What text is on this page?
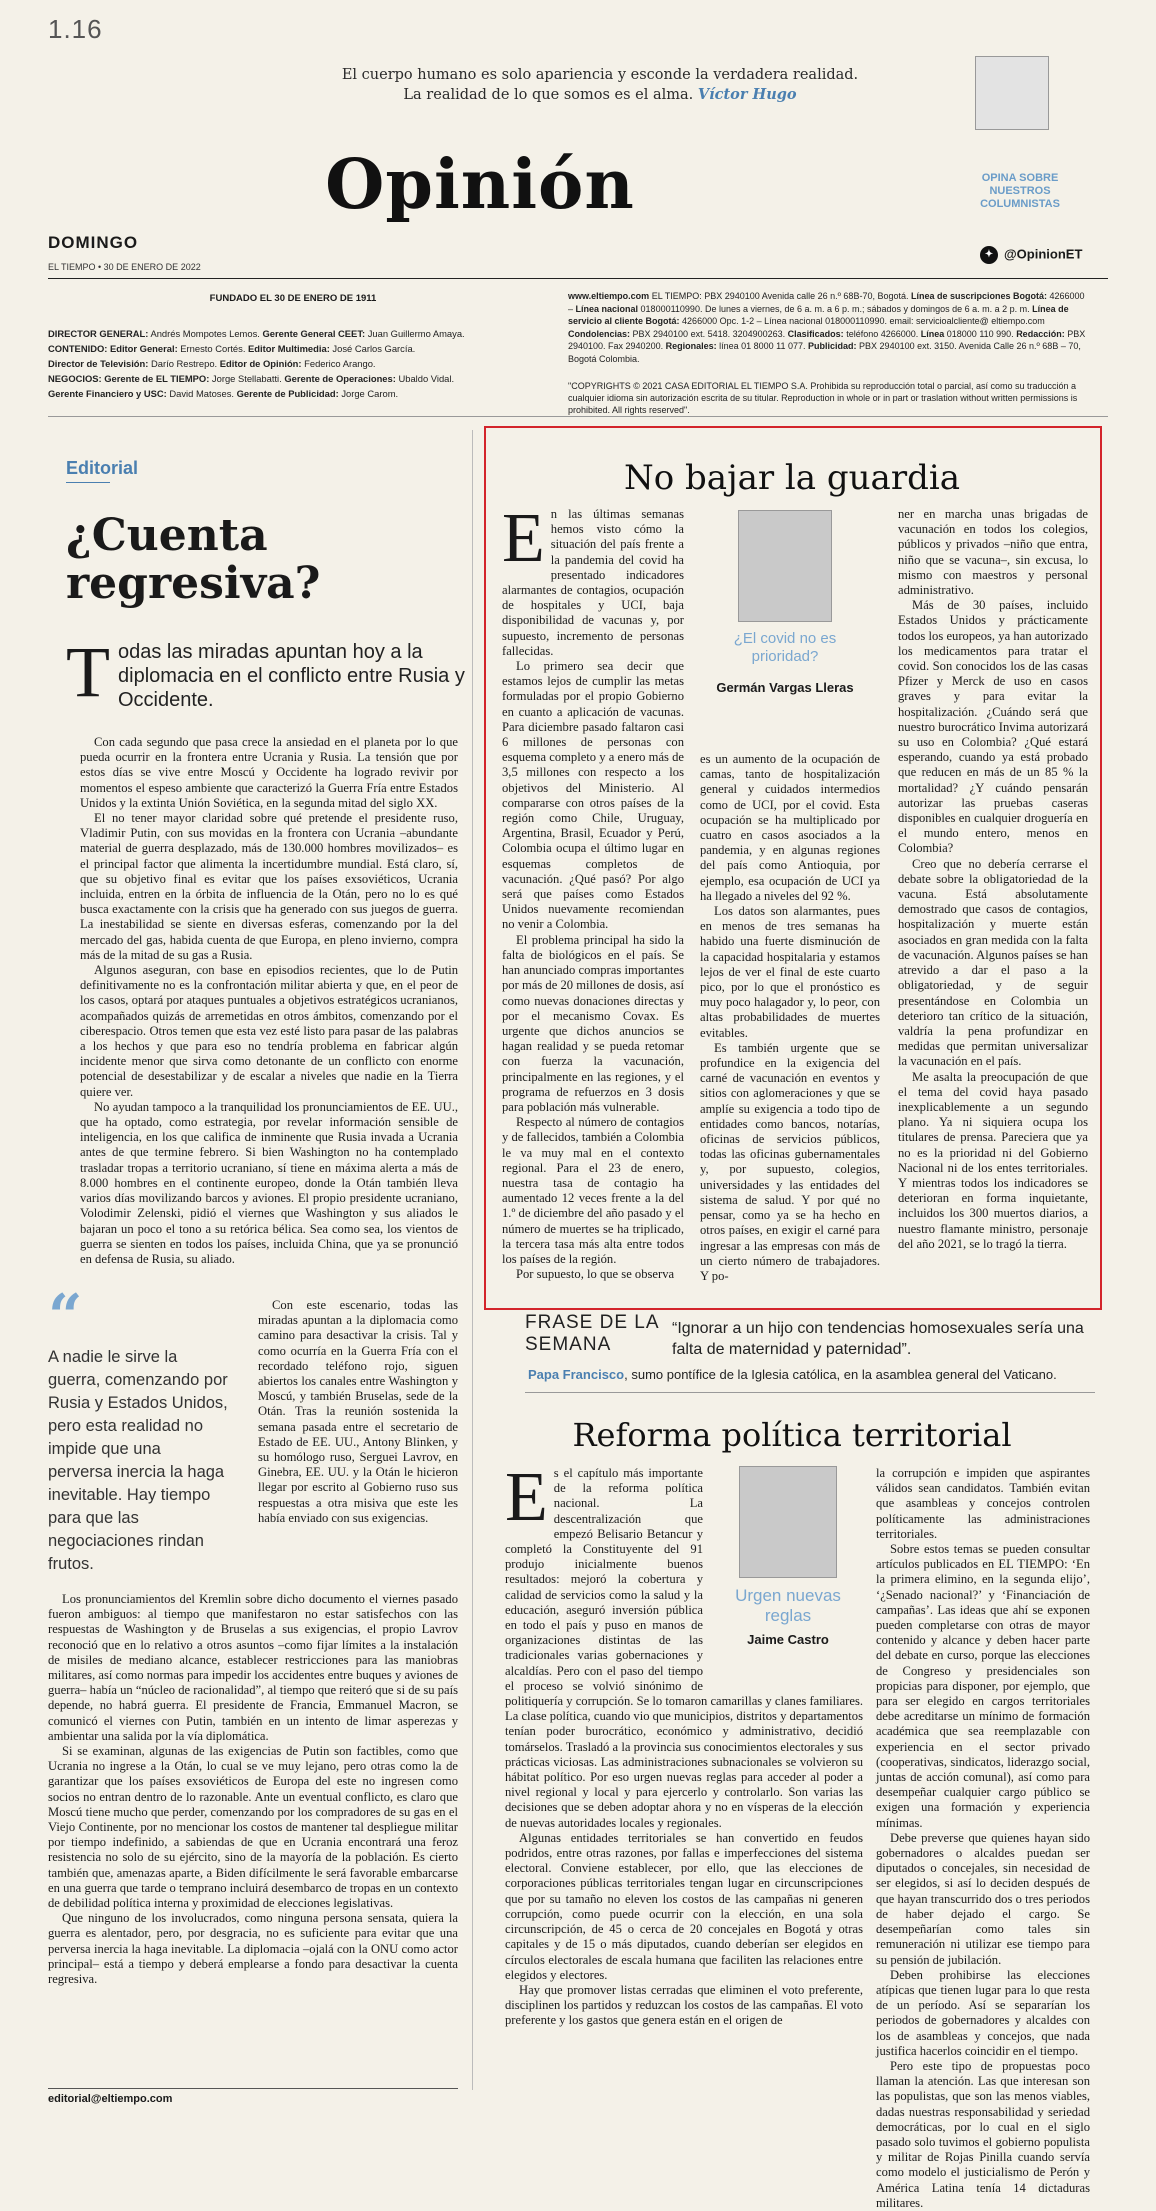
1.16
El cuerpo humano es solo apariencia y esconde la verdadera realidad. La realidad de lo que somos es el alma. Víctor Hugo
OPINA SOBRE NUESTROS COLUMNISTAS
Opinión
DOMINGO
EL TIEMPO • 30 DE ENERO DE 2022
✦ @OpinionET
FUNDADO EL 30 DE ENERO DE 1911
DIRECTOR GENERAL: Andrés Mompotes Lemos. Gerente General CEET: Juan Guillermo Amaya.
CONTENIDO: Editor General: Ernesto Cortés. Editor Multimedia: José Carlos García.
Director de Televisión: Darío Restrepo. Editor de Opinión: Federico Arango.
NEGOCIOS: Gerente de EL TIEMPO: Jorge Stellabatti. Gerente de Operaciones: Ubaldo Vidal.
Gerente Financiero y USC: David Matoses. Gerente de Publicidad: Jorge Carom.
www.eltiempo.com EL TIEMPO: PBX 2940100 Avenida calle 26 n.º 68B-70, Bogotá. Línea de suscripciones Bogotá: 4266000 – Línea nacional 018000110990. De lunes a viernes, de 6 a. m. a 6 p. m.; sábados y domingos de 6 a. m. a 2 p. m. Línea de servicio al cliente Bogotá: 4266000 Opc. 1-2 – Línea nacional 018000110990. email: servicioalcliente@ eltiempo.com Condolencias: PBX 2940100 ext. 5418. 3204900263. Clasificados: teléfono 4266000. Línea 018000 110 990. Redacción: PBX 2940100. Fax 2940200. Regionales: línea 01 8000 11 077. Publicidad: PBX 2940100 ext. 3150. Avenida Calle 26 n.º 68B – 70, Bogotá Colombia.
"COPYRIGHTS © 2021 CASA EDITORIAL EL TIEMPO S.A. Prohibida su reproducción total o parcial, así como su traducción a cualquier idioma sin autorización escrita de su titular. Reproduction in whole or in part or traslation without written permissions is prohibited. All rights reserved".
Editorial
¿Cuenta regresiva?
T odas las miradas apuntan hoy a la diplomacia en el conflicto entre Rusia y Occidente.

Con cada segundo que pasa crece la ansiedad en el planeta por lo que pueda ocurrir en la frontera entre Ucrania y Rusia. La tensión que por estos días se vive entre Moscú y Occidente ha logrado revivir por momentos el espeso ambiente que caracterizó la Guerra Fría entre Estados Unidos y la extinta Unión Soviética, en la segunda mitad del siglo XX.

El no tener mayor claridad sobre qué pretende el presidente ruso, Vladimir Putin, con sus movidas en la frontera con Ucrania –abundante material de guerra desplazado, más de 130.000 hombres movilizados– es el principal factor que alimenta la incertidumbre mundial. Está claro, sí, que su objetivo final es evitar que los países exsoviéticos, Ucrania incluida, entren en la órbita de influencia de la Otán, pero no lo es qué busca exactamente con la crisis que ha generado con sus juegos de guerra. La inestabilidad se siente en diversas esferas, comenzando por la del mercado del gas, habida cuenta de que Europa, en pleno invierno, compra más de la mitad de su gas a Rusia.

Algunos aseguran, con base en episodios recientes, que lo de Putin definitivamente no es la confrontación militar abierta y que, en el peor de los casos, optará por ataques puntuales a objetivos estratégicos ucranianos, acompañados quizás de arremetidas en otros ámbitos, comenzando por el ciberespacio. Otros temen que esta vez esté listo para pasar de las palabras a los hechos y que para eso no tendría problema en fabricar algún incidente menor que sirva como detonante de un conflicto con enorme potencial de desestabilizar y de escalar a niveles que nadie en la Tierra quiere ver.

No ayudan tampoco a la tranquilidad los pronunciamientos de EE. UU., que ha optado, como estrategia, por revelar información sensible de inteligencia, en los que califica de inminente que Rusia invada a Ucrania antes de que termine febrero. Si bien Washington no ha contemplado trasladar tropas a territorio ucraniano, sí tiene en máxima alerta a más de 8.000 hombres en el continente europeo, donde la Otán también lleva varios días movilizando barcos y aviones. El propio presidente ucraniano, Volodimir Zelenski, pidió el viernes que Washington y sus aliados le bajaran un poco el tono a su retórica bélica. Sea como sea, los vientos de guerra se sienten en todos los países, incluida China, que ya se pronunció en defensa de Rusia, su aliado.

“
A nadie le sirve la guerra, comenzando por Rusia y Estados Unidos, pero esta realidad no impide que una perversa inercia la haga inevitable. Hay tiempo para que las negociaciones rindan frutos.

Con este escenario, todas las miradas apuntan a la diplomacia como camino para desactivar la crisis. Tal y como ocurría en la Guerra Fría con el recordado teléfono rojo, siguen abiertos los canales entre Washington y Moscú, y también Bruselas, sede de la Otán. Tras la reunión sostenida la semana pasada entre el secretario de Estado de EE. UU., Antony Blinken, y su homólogo ruso, Serguei Lavrov, en Ginebra, EE. UU. y la Otán le hicieron llegar por escrito al Gobierno ruso sus respuestas a otra misiva que este les había enviado con sus exigencias.

Los pronunciamientos del Kremlin sobre dicho documento el viernes pasado fueron ambiguos: al tiempo que manifestaron no estar satisfechos con las respuestas de Washington y de Bruselas a sus exigencias, el propio Lavrov reconoció que en lo relativo a otros asuntos –como fijar límites a la instalación de misiles de mediano alcance, establecer restricciones para las maniobras militares, así como normas para impedir los accidentes entre buques y aviones de guerra– había un “núcleo de racionalidad”, al tiempo que reiteró que si de su país depende, no habrá guerra. El presidente de Francia, Emmanuel Macron, se comunicó el viernes con Putin, también en un intento de limar asperezas y ambientar una salida por la vía diplomática.

Si se examinan, algunas de las exigencias de Putin son factibles, como que Ucrania no ingrese a la Otán, lo cual se ve muy lejano, pero otras como la de garantizar que los países exsoviéticos de Europa del este no ingresen como socios no entran dentro de lo razonable. Ante un eventual conflicto, es claro que Moscú tiene mucho que perder, comenzando por los compradores de su gas en el Viejo Continente, por no mencionar los costos de mantener tal despliegue militar por tiempo indefinido, a sabiendas de que en Ucrania encontrará una feroz resistencia no solo de su ejército, sino de la mayoría de la población. Es cierto también que, amenazas aparte, a Biden difícilmente le será favorable embarcarse en una guerra que tarde o temprano incluirá desembarco de tropas en un contexto de debilidad política interna y proximidad de elecciones legislativas.

Que ninguno de los involucrados, como ninguna persona sensata, quiera la guerra es alentador, pero, por desgracia, no es suficiente para evitar que una perversa inercia la haga inevitable. La diplomacia –ojalá con la ONU como actor principal– está a tiempo y deberá emplearse a fondo para desactivar la cuenta regresiva.

editorial@eltiempo.com
No bajar la guardia
E n las últimas semanas hemos visto cómo la situación del país frente a la pandemia del covid ha presentado indicadores alarmantes de contagios, ocupación de hospitales y UCI, baja disponibilidad de vacunas y, por supuesto, incremento de personas fallecidas.

Lo primero sea decir que estamos lejos de cumplir las metas formuladas por el propio Gobierno en cuanto a aplicación de vacunas. Para diciembre pasado faltaron casi 6 millones de personas con esquema completo y a enero más de 3,5 millones con respecto a los objetivos del Ministerio. Al compararse con otros países de la región como Chile, Uruguay, Argentina, Brasil, Ecuador y Perú, Colombia ocupa el último lugar en esquemas completos de vacunación. ¿Qué pasó? Por algo será que países como Estados Unidos nuevamente recomiendan no venir a Colombia.

El problema principal ha sido la falta de biológicos en el país. Se han anunciado compras importantes por más de 20 millones de dosis, así como nuevas donaciones directas y por el mecanismo Covax. Es urgente que dichos anuncios se hagan realidad y se pueda retomar con fuerza la vacunación, principalmente en las regiones, y el programa de refuerzos en 3 dosis para población más vulnerable.

Respecto al número de contagios y de fallecidos, también a Colombia le va muy mal en el contexto regional. Para el 23 de enero, nuestra tasa de contagio ha aumentado 12 veces frente a la del 1.º de diciembre del año pasado y el número de muertes se ha triplicado, la tercera tasa más alta entre todos los países de la región.

Por supuesto, lo que se observa

¿El covid no es prioridad?
Germán Vargas Lleras

es un aumento de la ocupación de camas, tanto de hospitalización general y cuidados intermedios como de UCI, por el covid. Esta ocupación se ha multiplicado por cuatro en casos asociados a la pandemia, y en algunas regiones del país como Antioquia, por ejemplo, esa ocupación de UCI ya ha llegado a niveles del 92 %.

Los datos son alarmantes, pues en menos de tres semanas ha habido una fuerte disminución de la capacidad hospitalaria y estamos lejos de ver el final de este cuarto pico, por lo que el pronóstico es muy poco halagador y, lo peor, con altas probabilidades de muertes evitables.

Es también urgente que se profundice en la exigencia del carné de vacunación en eventos y sitios con aglomeraciones y que se amplíe su exigencia a todo tipo de entidades como bancos, notarías, oficinas de servicios públicos, todas las oficinas gubernamentales y, por supuesto, colegios, universidades y las entidades del sistema de salud. Y por qué no pensar, como ya se ha hecho en otros países, en exigir el carné para ingresar a las empresas con más de un cierto número de trabajadores. Y po-

ner en marcha unas brigadas de vacunación en todos los colegios, públicos y privados –niño que entra, niño que se vacuna–, sin excusa, lo mismo con maestros y personal administrativo.

Más de 30 países, incluido Estados Unidos y prácticamente todos los europeos, ya han autorizado los medicamentos para tratar el covid. Son conocidos los de las casas Pfizer y Merck de uso en casos graves y para evitar la hospitalización. ¿Cuándo será que nuestro burocrático Invima autorizará su uso en Colombia? ¿Qué estará esperando, cuando ya está probado que reducen en más de un 85 % la mortalidad? ¿Y cuándo pensarán autorizar las pruebas caseras disponibles en cualquier droguería en el mundo entero, menos en Colombia?

Creo que no debería cerrarse el debate sobre la obligatoriedad de la vacuna. Está absolutamente demostrado que casos de contagios, hospitalización y muerte están asociados en gran medida con la falta de vacunación. Algunos países se han atrevido a dar el paso a la obligatoriedad, y de seguir presentándose en Colombia un deterioro tan crítico de la situación, valdría la pena profundizar en medidas que permitan universalizar la vacunación en el país.

Me asalta la preocupación de que el tema del covid haya pasado inexplicablemente a un segundo plano. Ya ni siquiera ocupa los titulares de prensa. Pareciera que ya no es la prioridad ni del Gobierno Nacional ni de los entes territoriales. Y mientras todos los indicadores se deterioran en forma inquietante, incluidos los 300 muertos diarios, a nuestro flamante ministro, personaje del año 2021, se lo tragó la tierra.

FRASE DE LA SEMANA
“Ignorar a un hijo con tendencias homosexuales sería una falta de maternidad y paternidad”.
Papa Francisco, sumo pontífice de la Iglesia católica, en la asamblea general del Vaticano.
Reforma política territorial
Urgen nuevas reglas
Jaime Castro
E s el capítulo más importante de la reforma política nacional. La descentralización que empezó Belisario Betancur y completó la Constituyente del 91 produjo inicialmente buenos resultados: mejoró la cobertura y calidad de servicios como la salud y la educación, aseguró inversión pública en todo el país y puso en manos de organizaciones distintas de las tradicionales varias gobernaciones y alcaldías. Pero con el paso del tiempo el proceso se volvió sinónimo de politiquería y corrupción. Se lo tomaron camarillas y clanes familiares. La clase política, cuando vio que municipios, distritos y departamentos tenían poder burocrático, económico y administrativo, decidió tomárselos. Trasladó a la provincia sus conocimientos electorales y sus prácticas viciosas. Las administraciones subnacionales se volvieron su hábitat político. Por eso urgen nuevas reglas para acceder al poder a nivel regional y local y para ejercerlo y controlarlo. Son varias las decisiones que se deben adoptar ahora y no en vísperas de la elección de nuevas autoridades locales y regionales.

Algunas entidades territoriales se han convertido en feudos podridos, entre otras razones, por fallas e imperfecciones del sistema electoral. Conviene establecer, por ello, que las elecciones de corporaciones públicas territoriales tengan lugar en circunscripciones que por su tamaño no eleven los costos de las campañas ni generen corrupción, como puede ocurrir con la elección, en una sola circunscripción, de 45 o cerca de 20 concejales en Bogotá y otras capitales y de 15 o más diputados, cuando deberían ser elegidos en círculos electorales de escala humana que faciliten las relaciones entre elegidos y electores.

Hay que promover listas cerradas que eliminen el voto preferente, disciplinen los partidos y reduzcan los costos de las campañas. El voto preferente y los gastos que genera están en el origen de

la corrupción e impiden que aspirantes válidos sean candidatos. También evitan que asambleas y concejos controlen políticamente las administraciones territoriales.

Sobre estos temas se pueden consultar artículos publicados en EL TIEMPO: ‘En la primera elimino, en la segunda elijo’, ‘¿Senado nacional?’ y ‘Financiación de campañas’. Las ideas que ahí se exponen pueden completarse con otras de mayor contenido y alcance y deben hacer parte del debate en curso, porque las elecciones de Congreso y presidenciales son propicias para disponer, por ejemplo, que para ser elegido en cargos territoriales debe acreditarse un mínimo de formación académica que sea reemplazable con experiencia en el sector privado (cooperativas, sindicatos, liderazgo social, juntas de acción comunal), así como para desempeñar cualquier cargo público se exigen una formación y experiencia mínimas.

Debe preverse que quienes hayan sido gobernadores o alcaldes puedan ser diputados o concejales, sin necesidad de ser elegidos, si así lo deciden después de que hayan transcurrido dos o tres periodos de haber dejado el cargo. Se desempeñarían como tales sin remuneración ni utilizar ese tiempo para su pensión de jubilación.

Deben prohibirse las elecciones atípicas que tienen lugar para lo que resta de un período. Así se separarían los periodos de gobernadores y alcaldes con los de asambleas y concejos, que nada justifica hacerlos coincidir en el tiempo.

Pero este tipo de propuestas poco llaman la atención. Las que interesan son las populistas, que son las menos viables, dadas nuestras responsabilidad y seriedad democráticas, por lo cual en el siglo pasado solo tuvimos el gobierno populista y militar de Rojas Pinilla cuando servía como modelo el justicialismo de Perón y América Latina tenía 14 dictaduras militares.
